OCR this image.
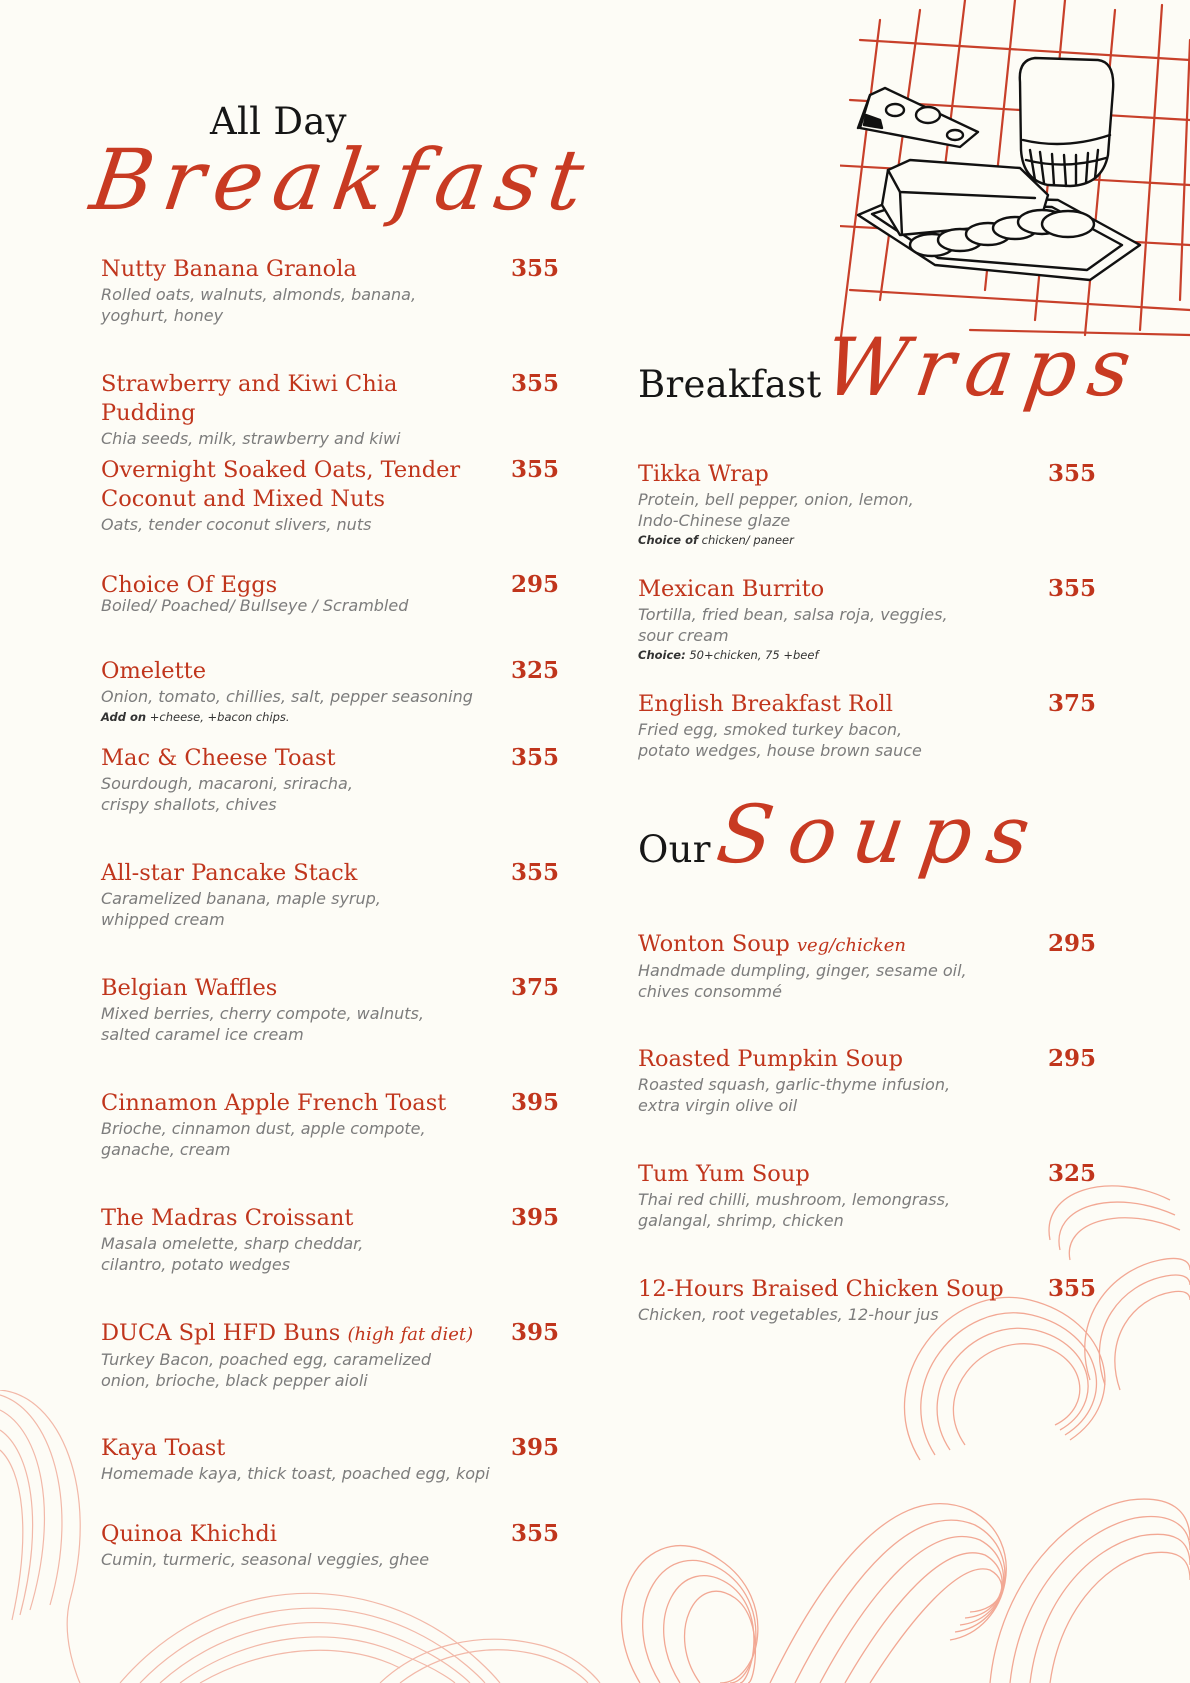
All Day
Breakfast
Breakfast
Wraps
Our Soups
Nutty Banana Granola	355
Rolled oats, walnuts, almonds, banana,
yoghurt, honey
Strawberry and Kiwi Chia Pudding
355
Chia seeds, milk, strawberry and kiwi
Overnight Soaked Oats, Tender
Coconut and Mixed Nuts
355
Oats, tender coconut slivers, nuts
Choice Of Eggs	295
Boiled/ Poached/ Bullseye / Scrambled
Omelette	325
Onion, tomato, chillies, salt, pepper seasoning
Add on +cheese, +bacon chips.
Mac & Cheese Toast	355
Sourdough, macaroni, sriracha,
crispy shallots, chives
All-star Pancake Stack	355
Caramelized banana, maple syrup,
whipped cream
Belgian Waffles	375
Mixed berries, cherry compote, walnuts,
salted caramel ice cream
Cinnamon Apple French Toast	395
Brioche, cinnamon dust, apple compote,
ganache, cream
The Madras Croissant	395
Masala omelette, sharp cheddar,
cilantro, potato wedges
DUCA Spl HFD Buns (high fat diet)	395
Turkey Bacon, poached egg, caramelized
onion, brioche, black pepper aioli
Kaya Toast	395
Homemade kaya, thick toast, poached egg, kopi
Quinoa Khichdi	355
Cumin, turmeric, seasonal veggies, ghee
Tikka Wrap	355
Protein, bell pepper, onion, lemon,
Indo-Chinese glaze
Choice of chicken/ paneer
Mexican Burrito	355
Tortilla, fried bean, salsa roja, veggies,
sour cream
Choice: 50+chicken, 75 +beef
English Breakfast Roll	375
Fried egg, smoked turkey bacon,
potato wedges, house brown sauce
Wonton Soup veg/chicken	295
Handmade dumpling, ginger, sesame oil,
chives consommé
Roasted Pumpkin Soup	295
Roasted squash, garlic-thyme infusion,
extra virgin olive oil
Tum Yum Soup	325
Thai red chilli, mushroom, lemongrass,
galangal, shrimp, chicken
12-Hours Braised Chicken Soup	355
Chicken, root vegetables, 12-hour jus
